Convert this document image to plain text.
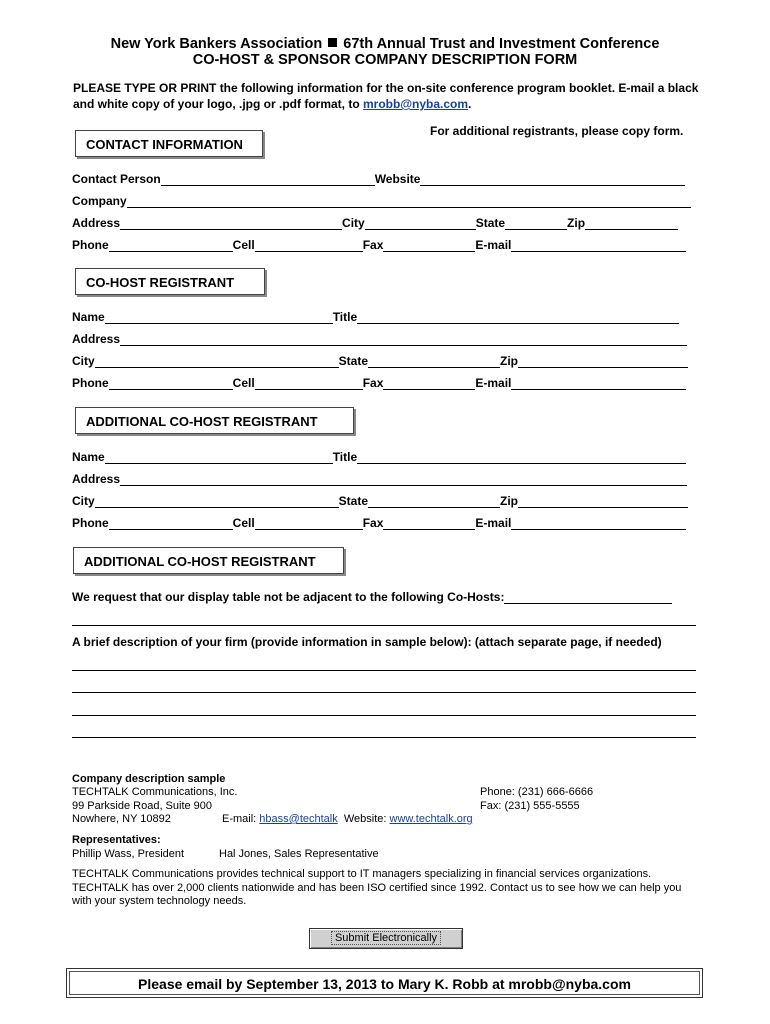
New York Bankers Association 67th Annual Trust and Investment Conference
CO-HOST & SPONSOR COMPANY DESCRIPTION FORM
PLEASE TYPE OR PRINT the following information for the on-site conference program booklet. E-mail a black and white copy of your logo, .jpg or .pdf format, to mrobb@nyba.com.
For additional registrants, please copy form.
CONTACT INFORMATION
Contact Person	Website
Company
Address	City	State	Zip
Phone	Cell	Fax	E-mail
CO-HOST REGISTRANT
Name	Title
Address
City	State	Zip
Phone	Cell	Fax	E-mail
ADDITIONAL CO-HOST REGISTRANT
Name	Title
Address
City	State	Zip
Phone	Cell	Fax	E-mail
ADDITIONAL CO-HOST REGISTRANT
We request that our display table not be adjacent to the following Co-Hosts:
A brief description of your firm (provide information in sample below): (attach separate page, if needed)
Company description sample
TECHTALK Communications, Inc.
99 Parkside Road, Suite 900
Nowhere, NY 10892	E-mail: hbass@techtalk Website: www.techtalk.org
Phone: (231) 666-6666
Fax: (231) 555-5555
Representatives:
Phillip Wass, President	Hal Jones, Sales Representative
TECHTALK Communications provides technical support to IT managers specializing in financial services organizations. TECHTALK has over 2,000 clients nationwide and has been ISO certified since 1992. Contact us to see how we can help you with your system technology needs.
Submit Electronically
Please email by September 13, 2013 to Mary K. Robb at mrobb@nyba.com
